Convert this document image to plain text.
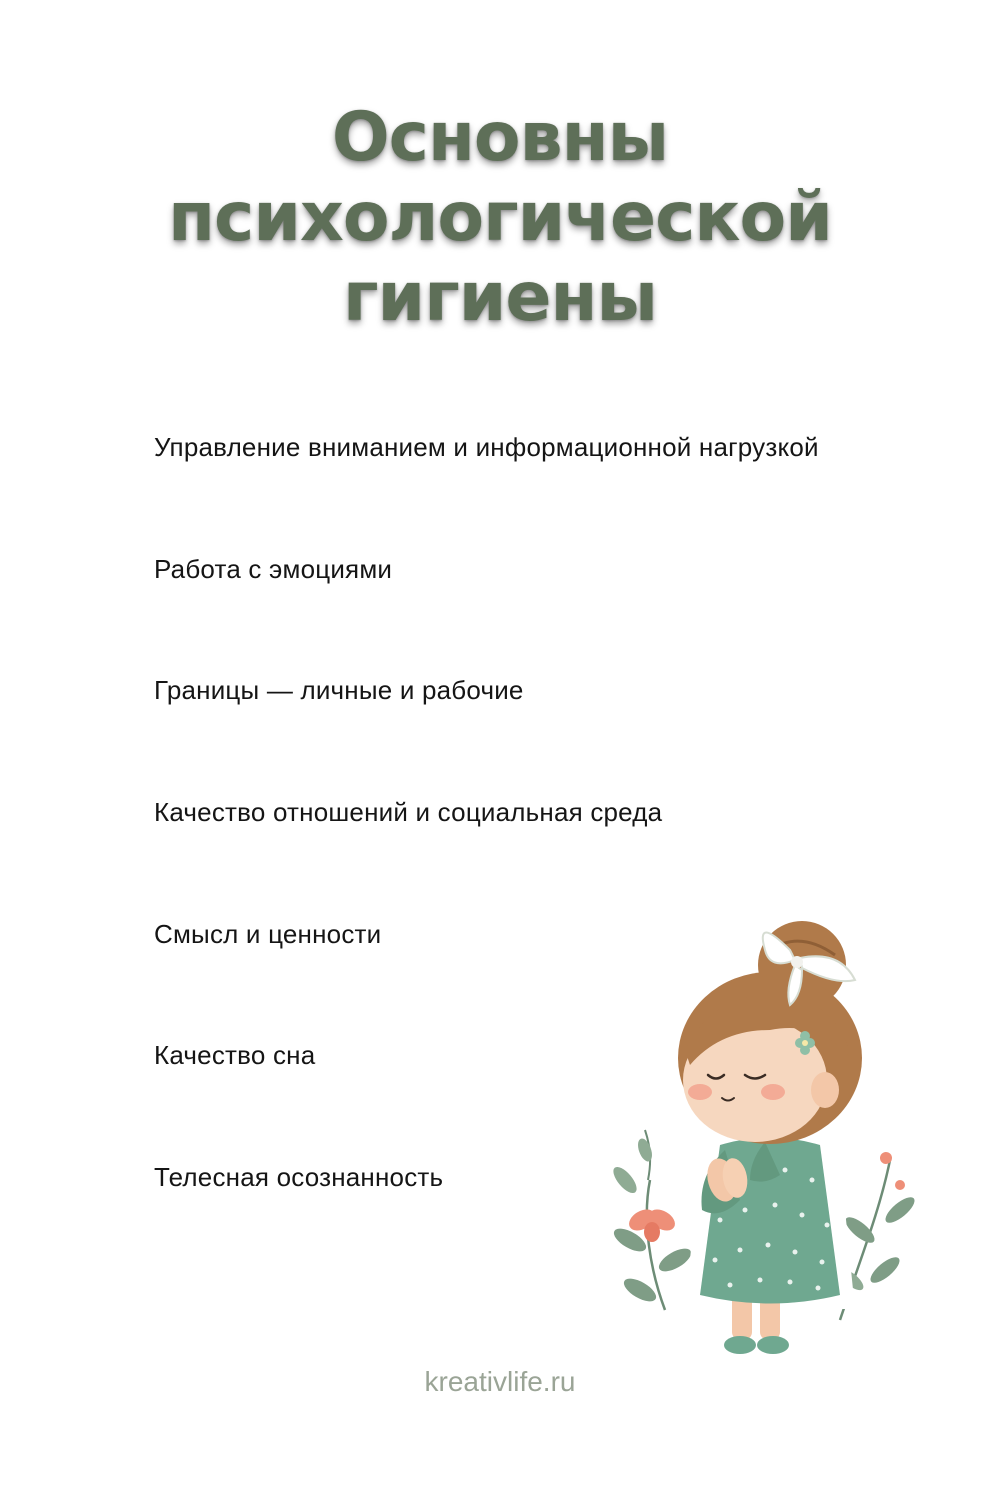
Основны
психологической
гигиены
Управление вниманием и информационной нагрузкой
Работа с эмоциями
Границы — личные и рабочие
Качество отношений и социальная среда
Смысл и ценности
Качество сна
Телесная осознанность
kreativlife.ru
